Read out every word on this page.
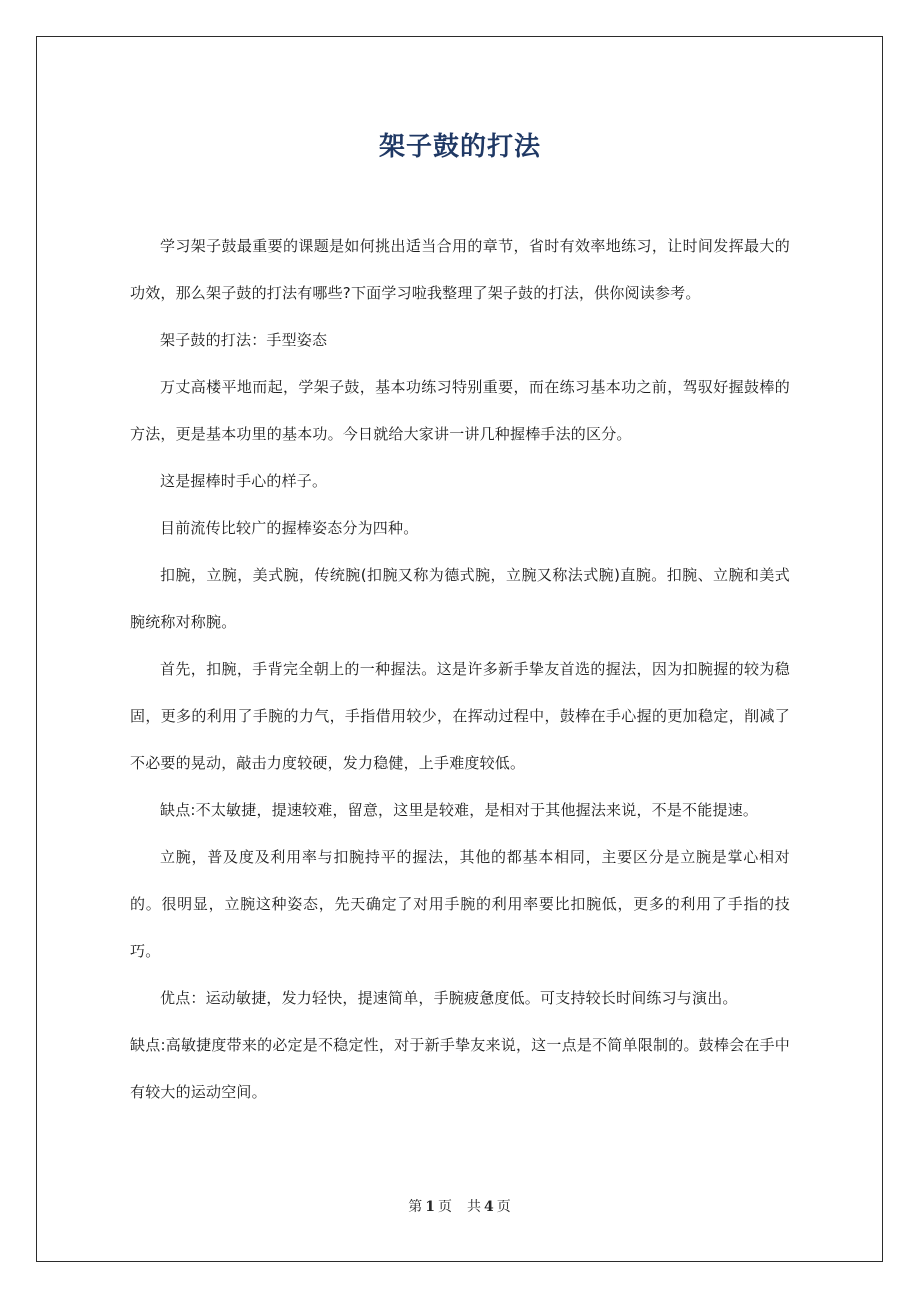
架子鼓的打法

学习架子鼓最重要的课题是如何挑出适当合用的章节，省时有效率地练习，让时间发挥最大的功效，那么架子鼓的打法有哪些?下面学习啦我整理了架子鼓的打法，供你阅读参考。

架子鼓的打法：手型姿态

万丈高楼平地而起，学架子鼓，基本功练习特别重要，而在练习基本功之前，驾驭好握鼓棒的方法，更是基本功里的基本功。今日就给大家讲一讲几种握棒手法的区分。

这是握棒时手心的样子。

目前流传比较广的握棒姿态分为四种。

扣腕，立腕，美式腕，传统腕(扣腕又称为德式腕，立腕又称法式腕)直腕。扣腕、立腕和美式腕统称对称腕。

首先，扣腕，手背完全朝上的一种握法。这是许多新手挚友首选的握法，因为扣腕握的较为稳固，更多的利用了手腕的力气，手指借用较少，在挥动过程中，鼓棒在手心握的更加稳定，削减了不必要的晃动，敲击力度较硬，发力稳健，上手难度较低。

缺点:不太敏捷，提速较难，留意，这里是较难，是相对于其他握法来说，不是不能提速。

立腕，普及度及利用率与扣腕持平的握法，其他的都基本相同，主要区分是立腕是掌心相对的。很明显，立腕这种姿态，先天确定了对用手腕的利用率要比扣腕低，更多的利用了手指的技巧。

优点：运动敏捷，发力轻快，提速简单，手腕疲惫度低。可支持较长时间练习与演出。

缺点:高敏捷度带来的必定是不稳定性，对于新手挚友来说，这一点是不简单限制的。鼓棒会在手中有较大的运动空间。

第 1 页 共 4 页
